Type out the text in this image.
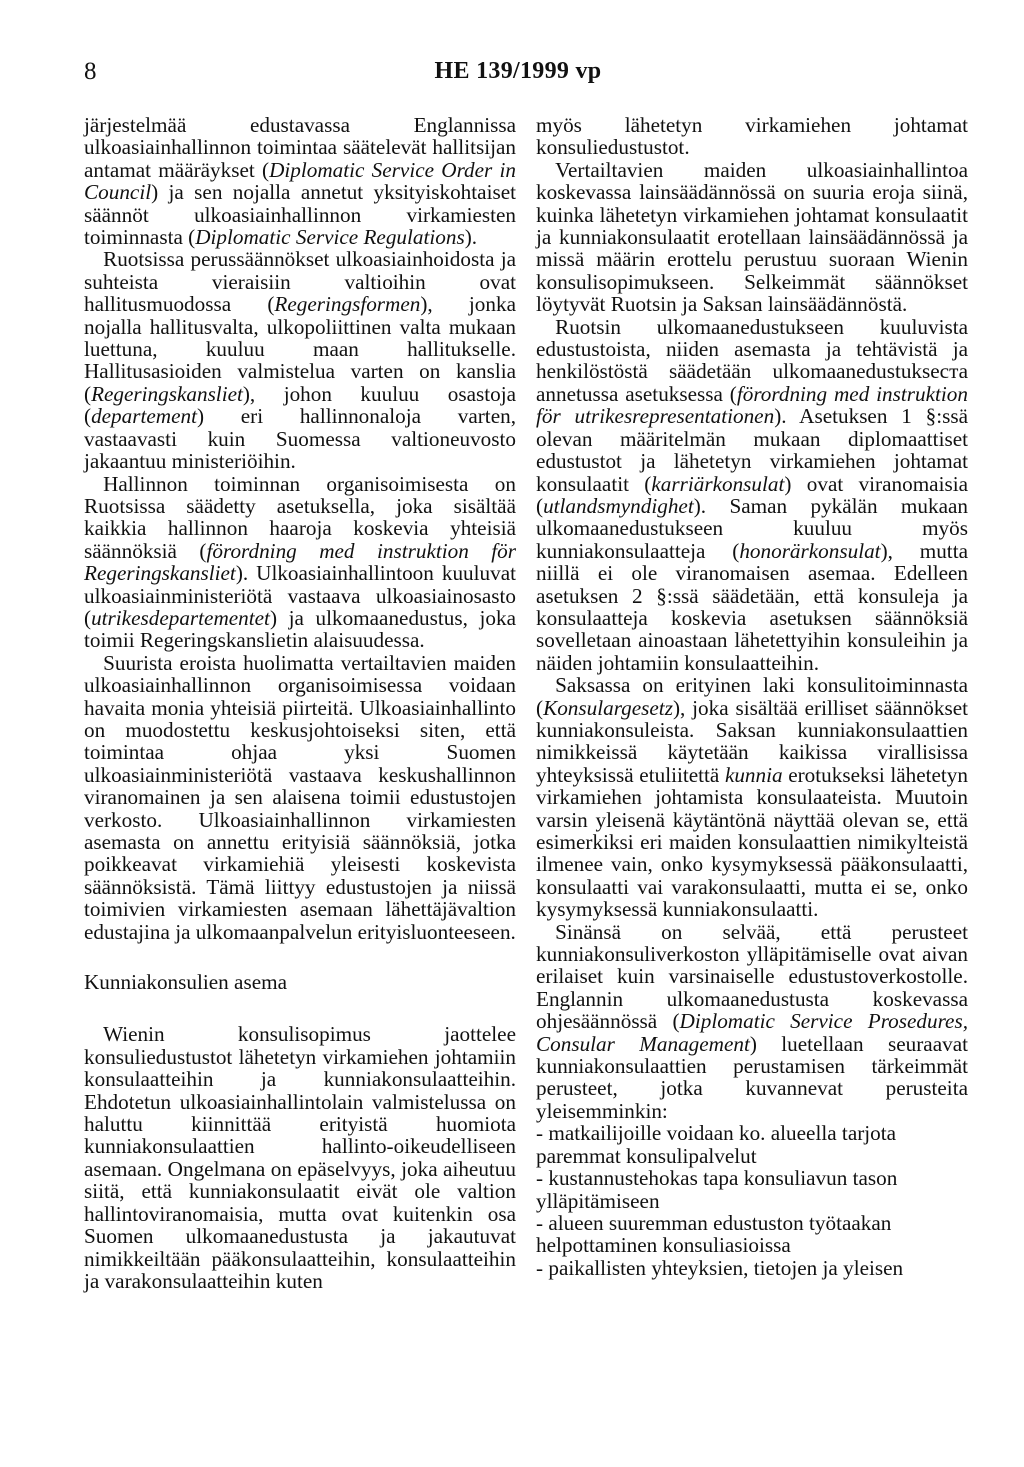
8	HE 139/1999 vp

järjestelmää edustavassa Englannissa ulkoasiainhallinnon toimintaa säätelevät hallitsijan antamat määräykset (Diplomatic Service Order in Council) ja sen nojalla annetut yksityiskohtaiset säännöt ulkoasiainhallinnon virkamiesten toiminnasta (Diplomatic Service Regulations).

Ruotsissa perussäännökset ulkoasiainhoidosta ja suhteista vieraisiin valtioihin ovat hallitusmuodossa (Regeringsformen), jonka nojalla hallitusvalta, ulkopoliittinen valta mukaan luettuna, kuuluu maan hallitukselle. Hallitusasioiden valmistelua varten on kanslia (Regeringskansliet), johon kuuluu osastoja (departement) eri hallinnonaloja varten, vastaavasti kuin Suomessa valtioneuvosto jakaantuu ministeriöihin.

Hallinnon toiminnan organisoimisesta on Ruotsissa säädetty asetuksella, joka sisältää kaikkia hallinnon haaroja koskevia yhteisiä säännöksiä (förordning med instruktion för Regeringskansliet). Ulkoasiainhallintoon kuuluvat ulkoasiainministeriötä vastaava ulkoasiainosasto (utrikesdepartementet) ja ulkomaanedustus, joka toimii Regeringskanslietin alaisuudessa.

Suurista eroista huolimatta vertailtavien maiden ulkoasiainhallinnon organisoimisessa voidaan havaita monia yhteisiä piirteitä. Ulkoasiainhallinto on muodostettu keskusjohtoiseksi siten, että toimintaa ohjaa yksi Suomen ulkoasiainministeriötä vastaava keskushallinnon viranomainen ja sen alaisena toimii edustustojen verkosto. Ulkoasiainhallinnon virkamiesten asemasta on annettu erityisiä säännöksiä, jotka poikkeavat virkamiehiä yleisesti koskevista säännöksistä. Tämä liittyy edustustojen ja niissä toimivien virkamiesten asemaan lähettäjävaltion edustajina ja ulkomaanpalvelun erityisluonteeseen.

Kunniakonsulien asema

Wienin konsulisopimus jaottelee konsuliedustustot lähetetyn virkamiehen johtamiin konsulaatteihin ja kunniakonsulaatteihin. Ehdotetun ulkoasiainhallintolain valmistelussa on haluttu kiinnittää erityistä huomiota kunniakonsulaattien hallinto-oikeudelliseen asemaan. Ongelmana on epäselvyys, joka aiheutuu siitä, että kunniakonsulaatit eivät ole valtion hallintoviranomaisia, mutta ovat kuitenkin osa Suomen ulkomaanedustusta ja jakautuvat nimikkeiltään pääkonsulaatteihin, konsulaatteihin ja varakonsulaatteihin kuten

myös lähetetyn virkamiehen johtamat konsuliedustustot.

Vertailtavien maiden ulkoasiainhallintoa koskevassa lainsäädännössä on suuria eroja siinä, kuinka lähetetyn virkamiehen johtamat konsulaatit ja kunniakonsulaatit erotellaan lainsäädännössä ja missä määrin erottelu perustuu suoraan Wienin konsulisopimukseen. Selkeimmät säännökset löytyvät Ruotsin ja Saksan lainsäädännöstä.

Ruotsin ulkomaanedustukseen kuuluvista edustustoista, niiden asemasta ja tehtävistä ja henkilöstöstä säädetään ulkomaanedustukseста annetussa asetuksessa (förordning med instruktion för utrikesrepresentationen). Asetuksen 1 §:ssä olevan määritelmän mukaan diplomaattiset edustustot ja lähetetyn virkamiehen johtamat konsulaatit (karriärkonsulat) ovat viranomaisia (utlandsmyndighet). Saman pykälän mukaan ulkomaanedustukseen kuuluu myös kunniakonsulaatteja (honorärkonsulat), mutta niillä ei ole viranomaisen asemaa. Edelleen asetuksen 2 §:ssä säädetään, että konsuleja ja konsulaatteja koskevia asetuksen säännöksiä sovelletaan ainoastaan lähetettyihin konsuleihin ja näiden johtamiin konsulaatteihin.

Saksassa on erityinen laki konsulitoiminnasta (Konsulargesetz), joka sisältää erilliset säännökset kunniakonsuleista. Saksan kunniakonsulaattien nimikkeissä käytetään kaikissa virallisissa yhteyksissä etuliitettä kunnia erotukseksi lähetetyn virkamiehen johtamista konsulaateista. Muutoin varsin yleisenä käytäntönä näyttää olevan se, että esimerkiksi eri maiden konsulaattien nimikylteistä ilmenee vain, onko kysymyksessä pääkonsulaatti, konsulaatti vai varakonsulaatti, mutta ei se, onko kysymyksessä kunniakonsulaatti.

Sinänsä on selvää, että perusteet kunniakonsuliverkoston ylläpitämiselle ovat aivan erilaiset kuin varsinaiselle edustustoverkostolle. Englannin ulkomaanedustusta koskevassa ohjesäännössä (Diplomatic Service Prosedures, Consular Management) luetellaan seuraavat kunniakonsulaattien perustamisen tärkeimmät perusteet, jotka kuvannevat perusteita yleisemminkin:

- matkailijoille voidaan ko. alueella tarjota paremmat konsulipalvelut

- kustannustehokas tapa konsuliavun tason ylläpitämiseen

- alueen suuremman edustuston työtaakan helpottaminen konsuliasioissa

- paikallisten yhteyksien, tietojen ja yleisen
